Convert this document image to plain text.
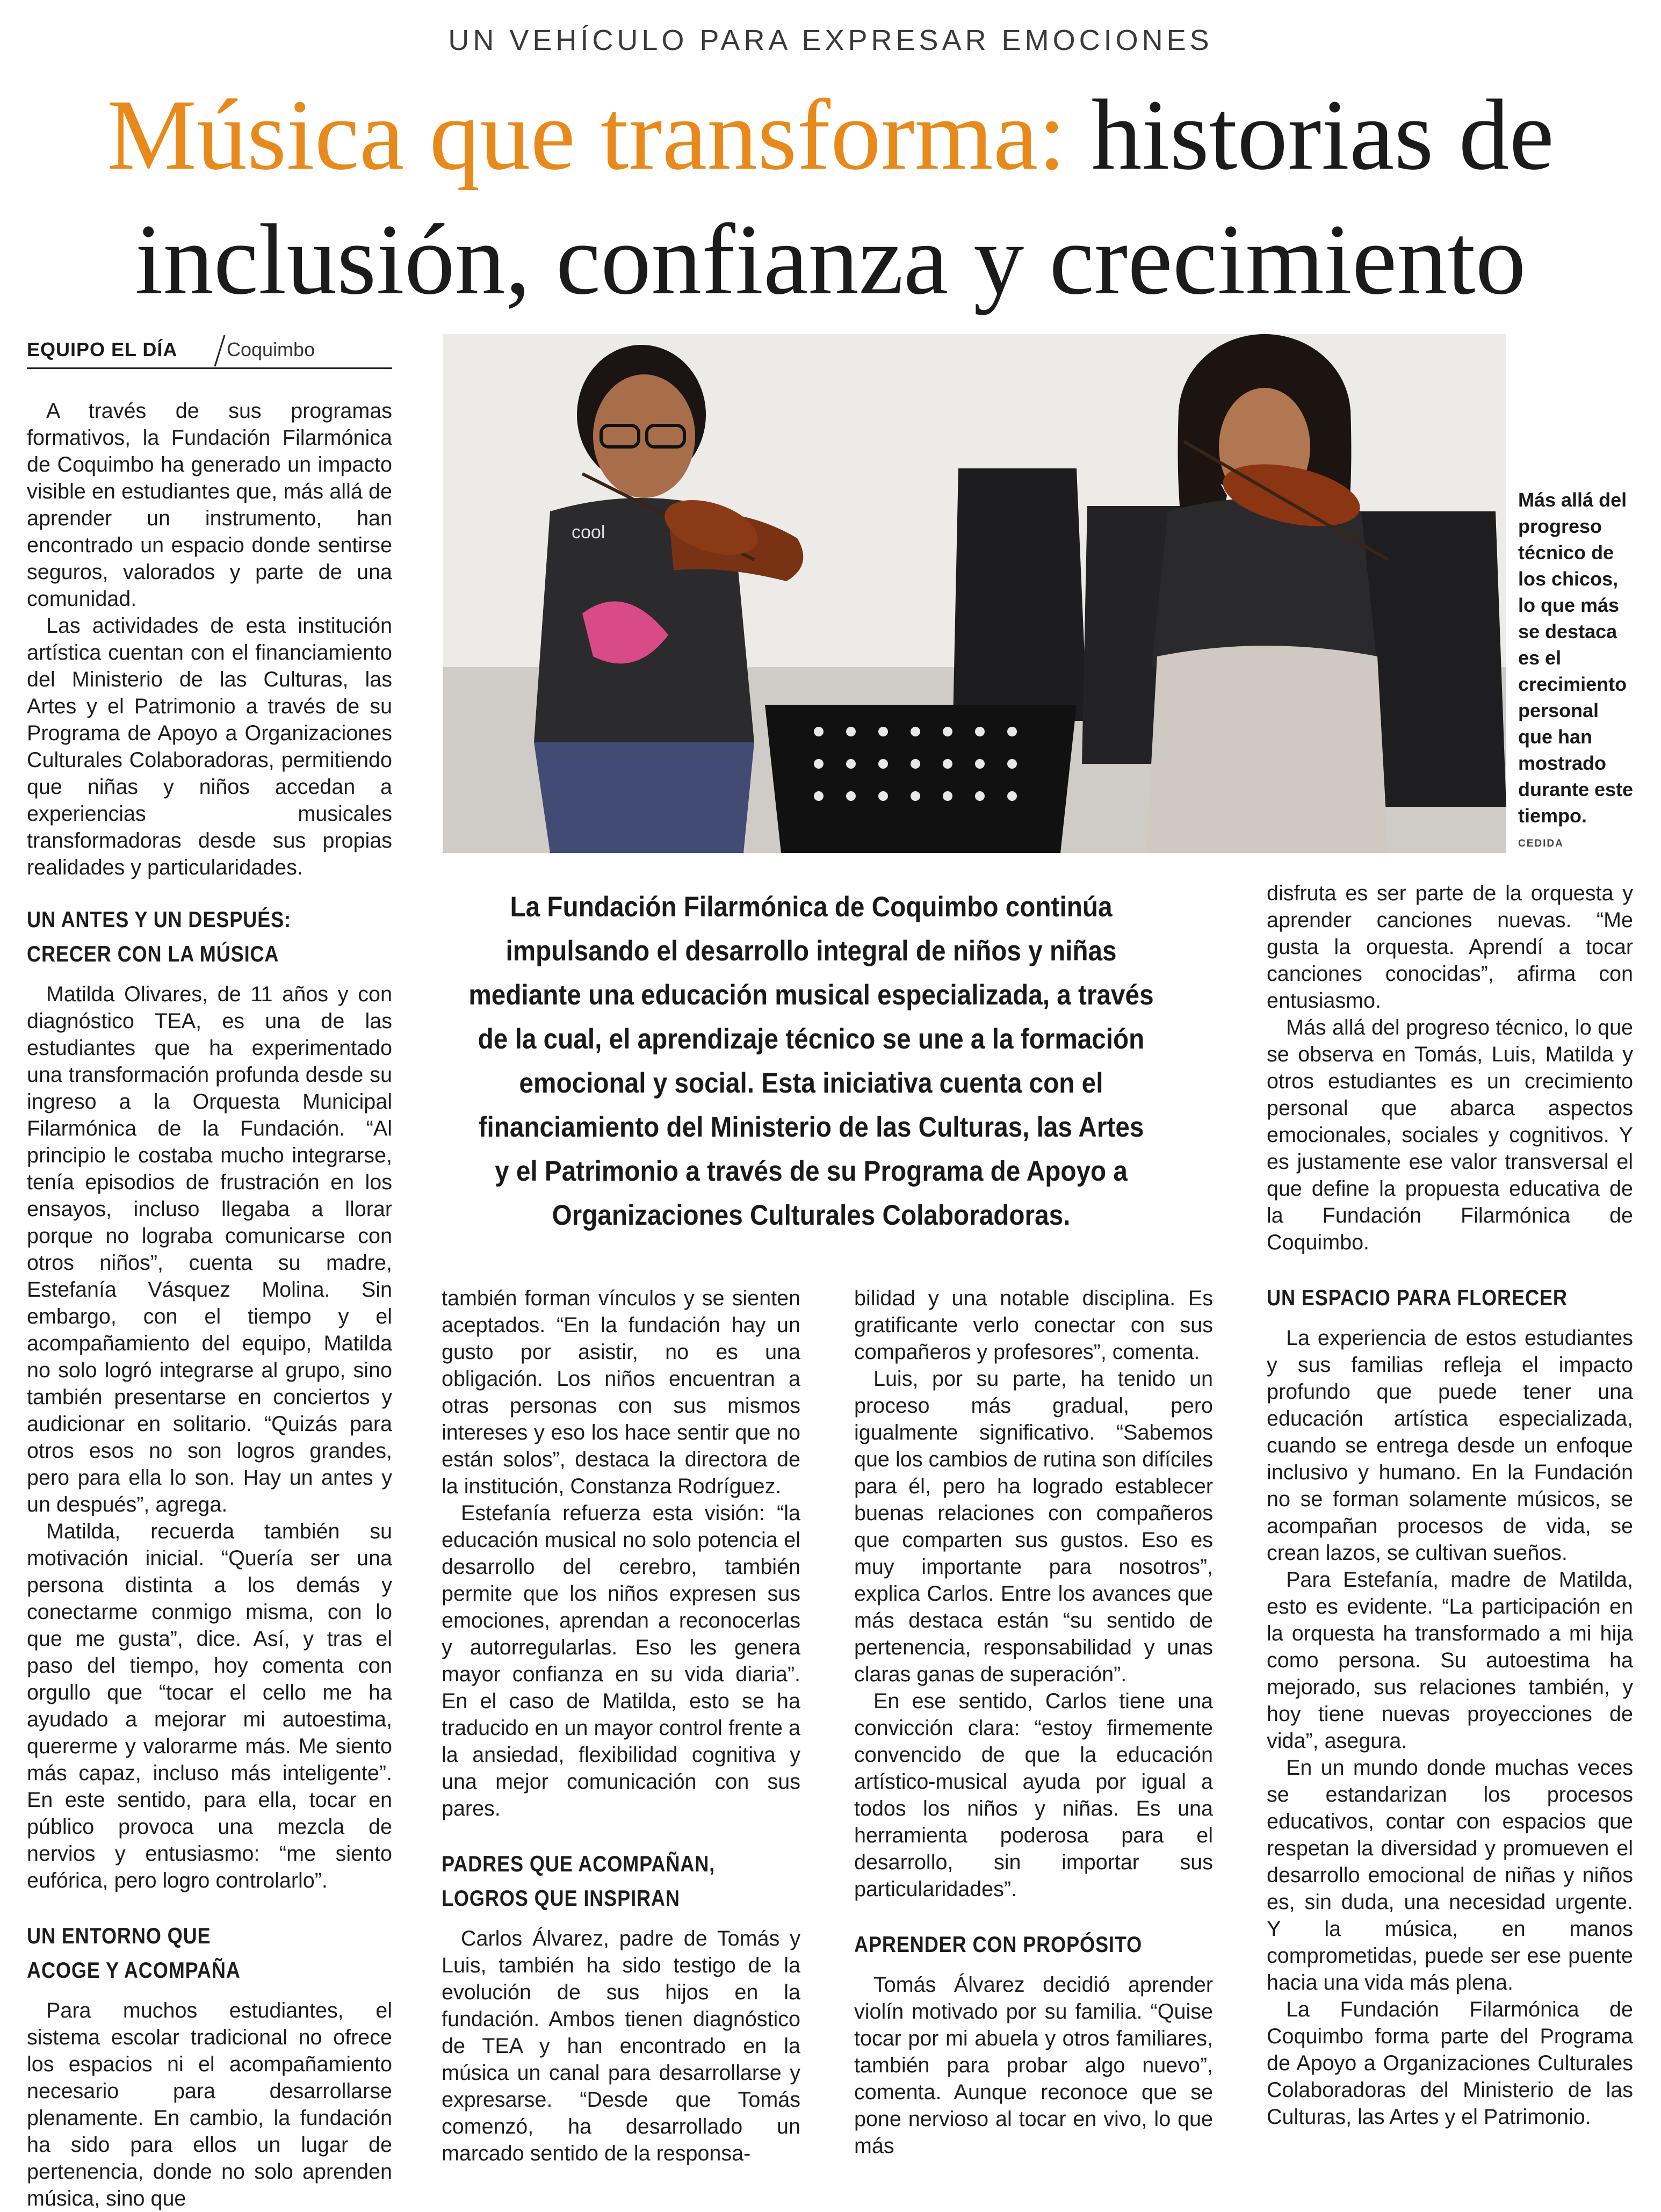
UN VEHÍCULO PARA EXPRESAR EMOCIONES
Música que transforma: historias de
inclusión, confianza y crecimiento
EQUIPO EL DÍA	Coquimbo

A través de sus programas formativos, la Fundación Filarmónica de Coquimbo ha generado un impacto visible en estudiantes que, más allá de aprender un instrumento, han encontrado un espacio donde sentirse seguros, valorados y parte de una comunidad.

Las actividades de esta institución artística cuentan con el financiamiento del Ministerio de las Culturas, las Artes y el Patrimonio a través de su Programa de Apoyo a Organizaciones Culturales Colaboradoras, permitiendo que niñas y niños accedan a experiencias musicales transformadoras desde sus propias realidades y particularidades.

UN ANTES Y UN DESPUÉS:
CRECER CON LA MÚSICA

Matilda Olivares, de 11 años y con diagnóstico TEA, es una de las estudiantes que ha experimentado una transformación profunda desde su ingreso a la Orquesta Municipal Filarmónica de la Fundación. “Al principio le costaba mucho integrarse, tenía episodios de frustración en los ensayos, incluso llegaba a llorar porque no lograba comunicarse con otros niños”, cuenta su madre, Estefanía Vásquez Molina. Sin embargo, con el tiempo y el acompañamiento del equipo, Matilda no solo logró integrarse al grupo, sino también presentarse en conciertos y audicionar en solitario. “Quizás para otros esos no son logros grandes, pero para ella lo son. Hay un antes y un después”, agrega.

Matilda, recuerda también su motivación inicial. “Quería ser una persona distinta a los demás y conectarme conmigo misma, con lo que me gusta”, dice. Así, y tras el paso del tiempo, hoy comenta con orgullo que “tocar el cello me ha ayudado a mejorar mi autoestima, quererme y valorarme más. Me siento más capaz, incluso más inteligente”. En este sentido, para ella, tocar en público provoca una mezcla de nervios y entusiasmo: “me siento eufórica, pero logro controlarlo”.

UN ENTORNO QUE
ACOGE Y ACOMPAÑA

Para muchos estudiantes, el sistema escolar tradicional no ofrece los espacios ni el acompañamiento necesario para desarrollarse plenamente. En cambio, la fundación ha sido para ellos un lugar de pertenencia, donde no solo aprenden música, sino que

cool
Más allá del progreso técnico de los chicos, lo que más se destaca es el crecimiento personal que han mostrado durante este tiempo.
CEDIDA
La Fundación Filarmónica de Coquimbo continúa impulsando el desarrollo integral de niños y niñas mediante una educación musical especializada, a través de la cual, el aprendizaje técnico se une a la formación emocional y social. Esta iniciativa cuenta con el financiamiento del Ministerio de las Culturas, las Artes y el Patrimonio a través de su Programa de Apoyo a Organizaciones Culturales Colaboradoras.

también forman vínculos y se sienten aceptados. “En la fundación hay un gusto por asistir, no es una obligación. Los niños encuentran a otras personas con sus mismos intereses y eso los hace sentir que no están solos”, destaca la directora de la institución, Constanza Rodríguez.

Estefanía refuerza esta visión: “la educación musical no solo potencia el desarrollo del cerebro, también permite que los niños expresen sus emociones, aprendan a reconocerlas y autorregularlas. Eso les genera mayor confianza en su vida diaria”. En el caso de Matilda, esto se ha traducido en un mayor control frente a la ansiedad, flexibilidad cognitiva y una mejor comunicación con sus pares.

PADRES QUE ACOMPAÑAN,
LOGROS QUE INSPIRAN

Carlos Álvarez, padre de Tomás y Luis, también ha sido testigo de la evolución de sus hijos en la fundación. Ambos tienen diagnóstico de TEA y han encontrado en la música un canal para desarrollarse y expresarse. “Desde que Tomás comenzó, ha desarrollado un marcado sentido de la responsa-

bilidad y una notable disciplina. Es gratificante verlo conectar con sus compañeros y profesores”, comenta.

Luis, por su parte, ha tenido un proceso más gradual, pero igualmente significativo. “Sabemos que los cambios de rutina son difíciles para él, pero ha logrado establecer buenas relaciones con compañeros que comparten sus gustos. Eso es muy importante para nosotros”, explica Carlos. Entre los avances que más destaca están “su sentido de pertenencia, responsabilidad y unas claras ganas de superación”.

En ese sentido, Carlos tiene una convicción clara: “estoy firmemente convencido de que la educación artístico-musical ayuda por igual a todos los niños y niñas. Es una herramienta poderosa para el desarrollo, sin importar sus particularidades”.

APRENDER CON PROPÓSITO

Tomás Álvarez decidió aprender violín motivado por su familia. “Quise tocar por mi abuela y otros familiares, también para probar algo nuevo”, comenta. Aunque reconoce que se pone nervioso al tocar en vivo, lo que más

disfruta es ser parte de la orquesta y aprender canciones nuevas. “Me gusta la orquesta. Aprendí a tocar canciones conocidas”, afirma con entusiasmo.

Más allá del progreso técnico, lo que se observa en Tomás, Luis, Matilda y otros estudiantes es un crecimiento personal que abarca aspectos emocionales, sociales y cognitivos. Y es justamente ese valor transversal el que define la propuesta educativa de la Fundación Filarmónica de Coquimbo.

UN ESPACIO PARA FLORECER

La experiencia de estos estudiantes y sus familias refleja el impacto profundo que puede tener una educación artística especializada, cuando se entrega desde un enfoque inclusivo y humano. En la Fundación no se forman solamente músicos, se acompañan procesos de vida, se crean lazos, se cultivan sueños.

Para Estefanía, madre de Matilda, esto es evidente. “La participación en la orquesta ha transformado a mi hija como persona. Su autoestima ha mejorado, sus relaciones también, y hoy tiene nuevas proyecciones de vida”, asegura.

En un mundo donde muchas veces se estandarizan los procesos educativos, contar con espacios que respetan la diversidad y promueven el desarrollo emocional de niñas y niños es, sin duda, una necesidad urgente. Y la música, en manos comprometidas, puede ser ese puente hacia una vida más plena.

La Fundación Filarmónica de Coquimbo forma parte del Programa de Apoyo a Organizaciones Culturales Colaboradoras del Ministerio de las Culturas, las Artes y el Patrimonio.
